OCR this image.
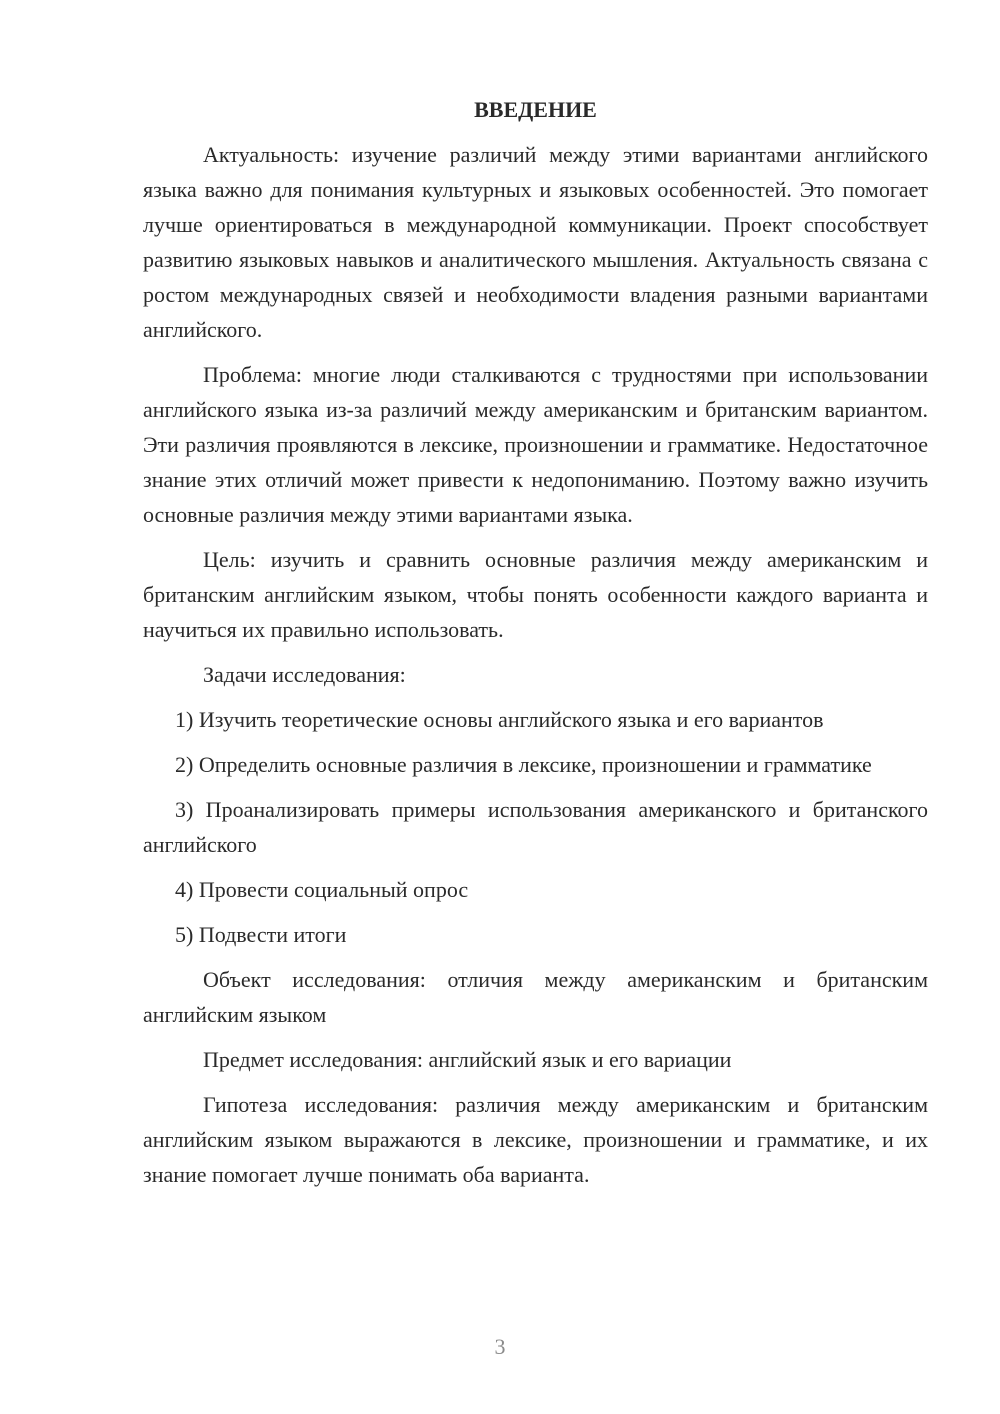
ВВЕДЕНИЕ

Актуальность: изучение различий между этими вариантами английского языка важно для понимания культурных и языковых особенностей. Это помогает лучше ориентироваться в международной коммуникации. Проект способствует развитию языковых навыков и аналитического мышления. Актуальность связана с ростом международных связей и необходимости владения разными вариантами английского.

Проблема: многие люди сталкиваются с трудностями при использовании английского языка из-за различий между американским и британским вариантом. Эти различия проявляются в лексике, произношении и грамматике. Недостаточное знание этих отличий может привести к недопониманию. Поэтому важно изучить основные различия между этими вариантами языка.

Цель: изучить и сравнить основные различия между американским и британским английским языком, чтобы понять особенности каждого варианта и научиться их правильно использовать.

Задачи исследования:

1) Изучить теоретические основы английского языка и его вариантов

2) Определить основные различия в лексике, произношении и грамматике

3) Проанализировать примеры использования американского и британского английского

4) Провести социальный опрос

5) Подвести итоги

Объект исследования: отличия между американским и британским английским языком

Предмет исследования: английский язык и его вариации

Гипотеза исследования: различия между американским и британским английским языком выражаются в лексике, произношении и грамматике, и их знание помогает лучше понимать оба варианта.

3
